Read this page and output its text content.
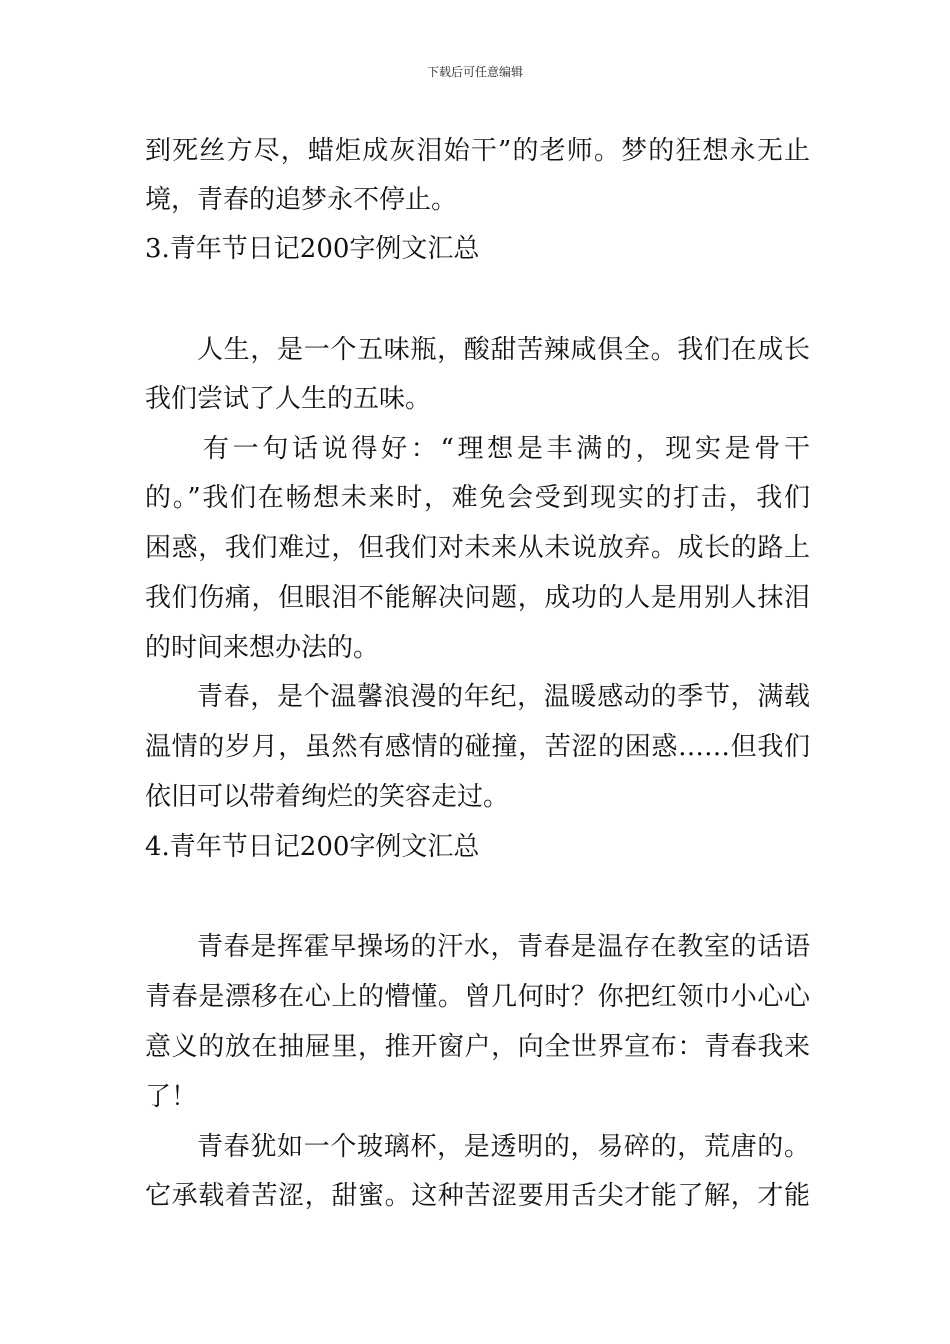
下载后可任意编辑
到死丝方尽，蜡炬成灰泪始干”的老师。梦的狂想永无止
境，青春的追梦永不停止。
3.青年节日记200字例文汇总
人生，是一个五味瓶，酸甜苦辣咸俱全。我们在成长
我们尝试了人生的五味。
有一句话说得好：“理想是丰满的，现实是骨干
的。”我们在畅想未来时，难免会受到现实的打击，我们
困惑，我们难过，但我们对未来从未说放弃。成长的路上
我们伤痛，但眼泪不能解决问题，成功的人是用别人抹泪
的时间来想办法的。
青春，是个温馨浪漫的年纪，温暖感动的季节，满载
温情的岁月，虽然有感情的碰撞，苦涩的困惑……但我们
依旧可以带着绚烂的笑容走过。
4.青年节日记200字例文汇总
青春是挥霍早操场的汗水，青春是温存在教室的话语
青春是漂移在心上的懵懂。曾几何时？你把红领巾小心心
意义的放在抽屉里，推开窗户，向全世界宣布：青春我来
了！
青春犹如一个玻璃杯，是透明的，易碎的，荒唐的。
它承载着苦涩，甜蜜。这种苦涩要用舌尖才能了解，才能
